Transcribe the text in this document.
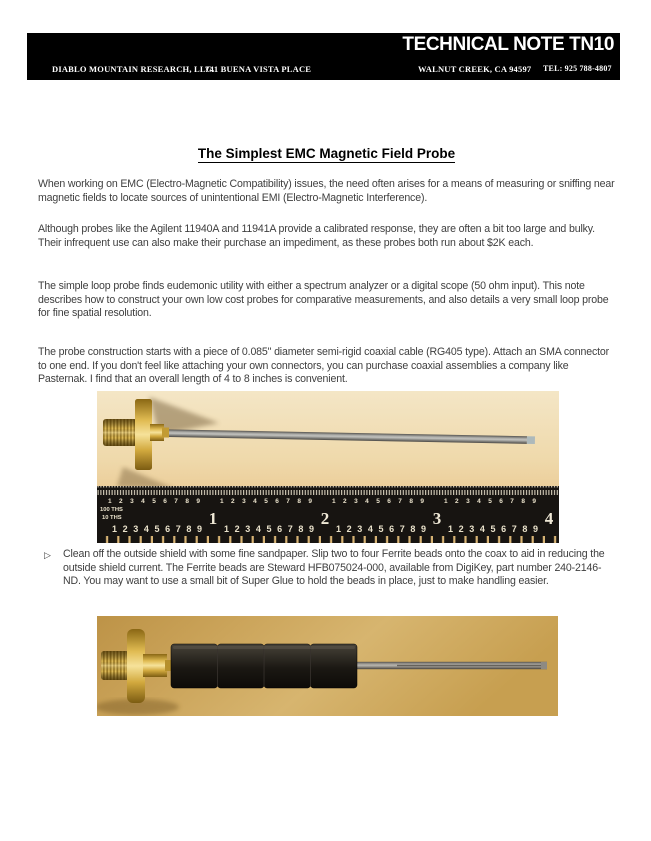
TECHNICAL NOTE TN10
DIABLO MOUNTAIN RESEARCH, LLC.
741 BUENA VISTA PLACE	WALNUT CREEK, CA 94597 TEL: 925 788-4807
The Simplest EMC Magnetic Field Probe
When working on EMC (Electro-Magnetic Compatibility) issues, the need often arises for a means of measuring or sniffing near magnetic fields to locate sources of unintentional EMI (Electro-Magnetic Interference).
Although probes like the Agilent 11940A and 11941A provide a calibrated response, they are often a bit too large and bulky. Their infrequent use can also make their purchase an impediment, as these probes both run about $2K each.
The simple loop probe finds eudemonic utility with either a spectrum analyzer or a digital scope (50 ohm input). This note describes how to construct your own low cost probes for comparative measurements, and also details a very small loop probe for fine spatial resolution.
The probe construction starts with a piece of 0.085" diameter semi-rigid coaxial cable (RG405 type). Attach an SMA connector to one end. If you don't feel like attaching your own connectors, you can purchase coaxial assemblies a company like Pasternak. I find that an overall length of 4 to 8 inches is convenient.
1 2 3 4 5 6 7 8 9	1 2 3 4 5 6 7 8 9	1 2 3 4 5 6 7 8 9	1 2 3 4 5 6 7 8 9
100 THS
10 THS	1	2	3	4
1 2 3 4 5 6 7 8 9 1 2 3 4 5 6 7 8 9 1 2 3 4 5 6 7 8 9 1 2 3 4 5 6 7 8 9
▷ Clean off the outside shield with some fine sandpaper. Slip two to four Ferrite beads onto the coax to aid in reducing the outside shield current. The Ferrite beads are Steward HFB075024-000, available from DigiKey, part number 240-2146-ND. You may want to use a small bit of Super Glue to hold the beads in place, just to make handling easier.
